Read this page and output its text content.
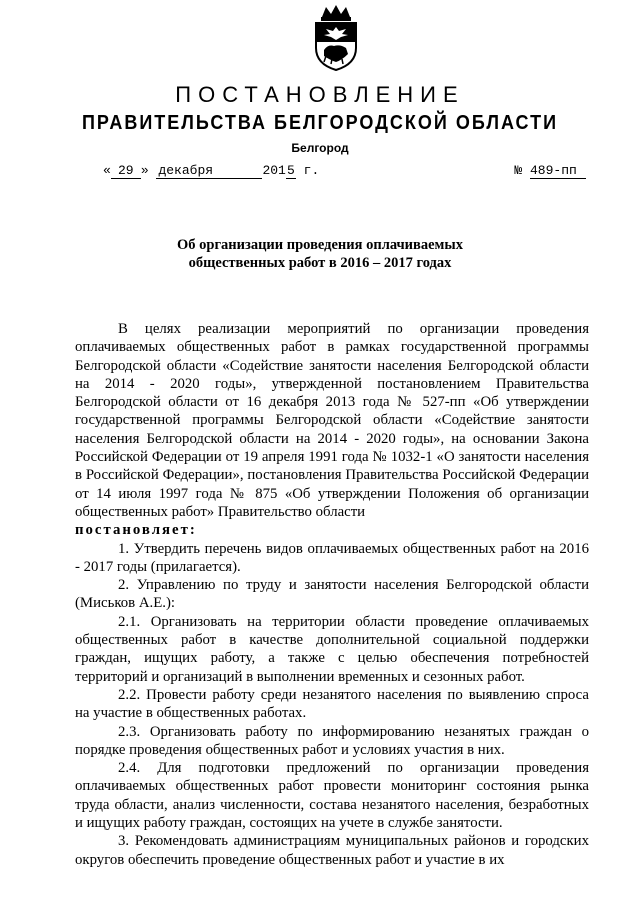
ПОСТАНОВЛЕНИЕ
ПРАВИТЕЛЬСТВА БЕЛГОРОДСКОЙ ОБЛАСТИ
Белгород
« 29 » декабря	2015 г.	№ 489-пп
Об организации проведения оплачиваемых
общественных работ в 2016 – 2017 годах

В целях реализации мероприятий по организации проведения оплачиваемых общественных работ в рамках государственной программы Белгородской области «Содействие занятости населения Белгородской области на 2014 - 2020 годы», утвержденной постановлением Правительства Белгородской области от 16 декабря 2013 года № 527-пп «Об утверждении государственной программы Белгородской области «Содействие занятости населения Белгородской области на 2014 - 2020 годы», на основании Закона Российской Федерации от 19 апреля 1991 года № 1032-1 «О занятости населения в Российской Федерации», постановления Правительства Российской Федерации от 14 июля 1997 года № 875 «Об утверждении Положения об организации общественных работ» Правительство области

постановляет:

1. Утвердить перечень видов оплачиваемых общественных работ на 2016 - 2017 годы (прилагается).

2. Управлению по труду и занятости населения Белгородской области (Миськов А.Е.):

2.1. Организовать на территории области проведение оплачиваемых общественных работ в качестве дополнительной социальной поддержки граждан, ищущих работу, а также с целью обеспечения потребностей территорий и организаций в выполнении временных и сезонных работ.

2.2. Провести работу среди незанятого населения по выявлению спроса на участие в общественных работах.

2.3. Организовать работу по информированию незанятых граждан о порядке проведения общественных работ и условиях участия в них.

2.4. Для подготовки предложений по организации проведения оплачиваемых общественных работ провести мониторинг состояния рынка труда области, анализ численности, состава незанятого населения, безработных и ищущих работу граждан, состоящих на учете в службе занятости.

3. Рекомендовать администрациям муниципальных районов и городских округов обеспечить проведение общественных работ и участие в их
